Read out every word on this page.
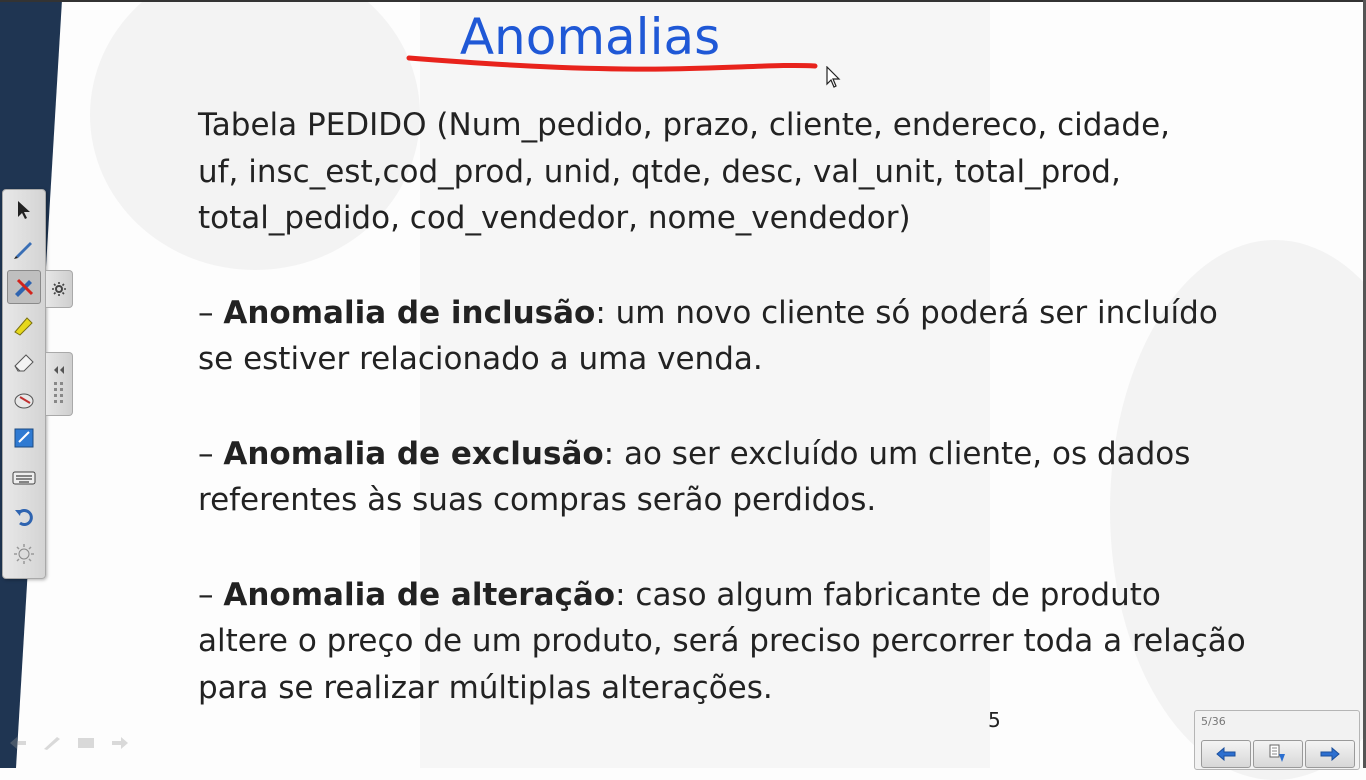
Anomalias

Tabela PEDIDO (Num_pedido, prazo, cliente, endereco, cidade,
uf, insc_est,cod_prod, unid, qtde, desc, val_unit, total_prod,
total_pedido, cod_vendedor, nome_vendedor)

– Anomalia de inclusão: um novo cliente só poderá ser incluído se estiver relacionado a uma venda.

– Anomalia de exclusão: ao ser excluído um cliente, os dados referentes às suas compras serão perdidos.

– Anomalia de alteração: caso algum fabricante de produto altere o preço de um produto, será preciso percorrer toda a relação para se realizar múltiplas alterações.

5	5/36
